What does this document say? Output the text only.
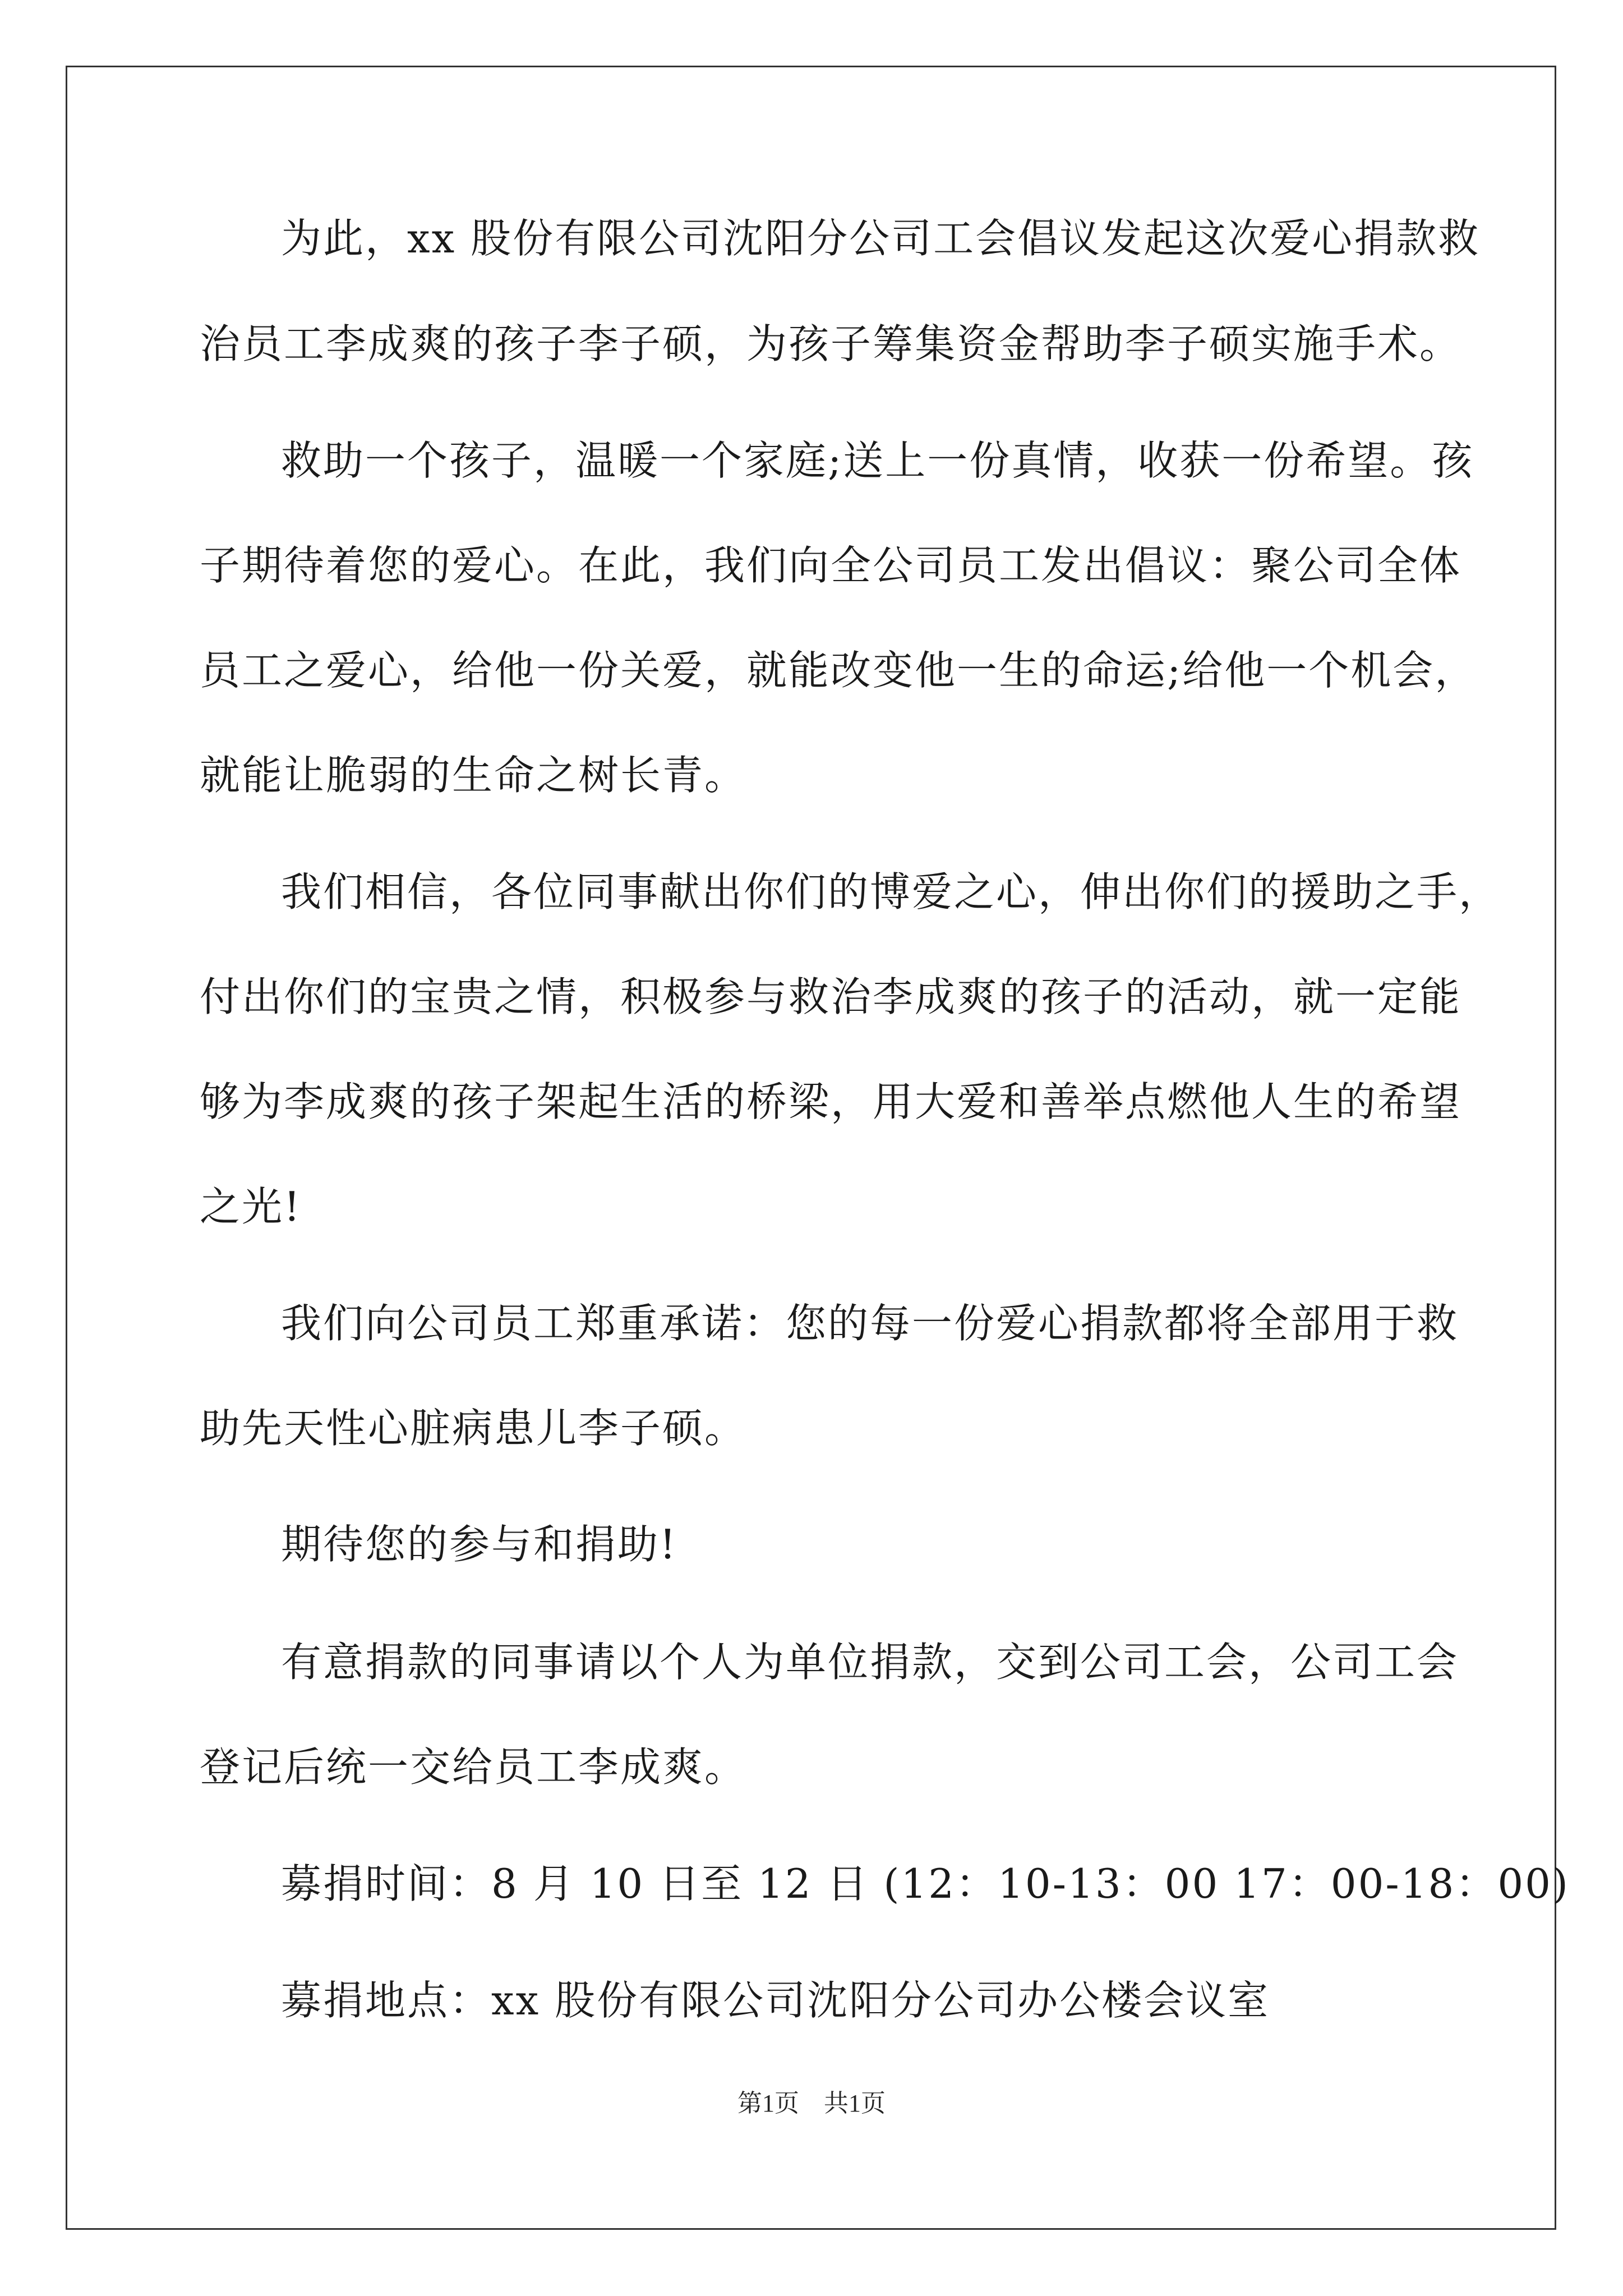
为此，xx 股份有限公司沈阳分公司工会倡议发起这次爱心捐款救
治员工李成爽的孩子李子硕，为孩子筹集资金帮助李子硕实施手术。
救助一个孩子，温暖一个家庭;送上一份真情，收获一份希望。孩
子期待着您的爱心。在此，我们向全公司员工发出倡议：聚公司全体
员工之爱心，给他一份关爱，就能改变他一生的命运;给他一个机会，
就能让脆弱的生命之树长青。
我们相信，各位同事献出你们的博爱之心，伸出你们的援助之手，
付出你们的宝贵之情，积极参与救治李成爽的孩子的活动，就一定能
够为李成爽的孩子架起生活的桥梁，用大爱和善举点燃他人生的希望
之光!
我们向公司员工郑重承诺：您的每一份爱心捐款都将全部用于救
助先天性心脏病患儿李子硕。
期待您的参与和捐助!
有意捐款的同事请以个人为单位捐款，交到公司工会，公司工会
登记后统一交给员工李成爽。
募捐时间：8 月 10 日至 12 日 (12：10-13：00 17：00-18：00)
募捐地点：xx 股份有限公司沈阳分公司办公楼会议室
第1页　共1页
